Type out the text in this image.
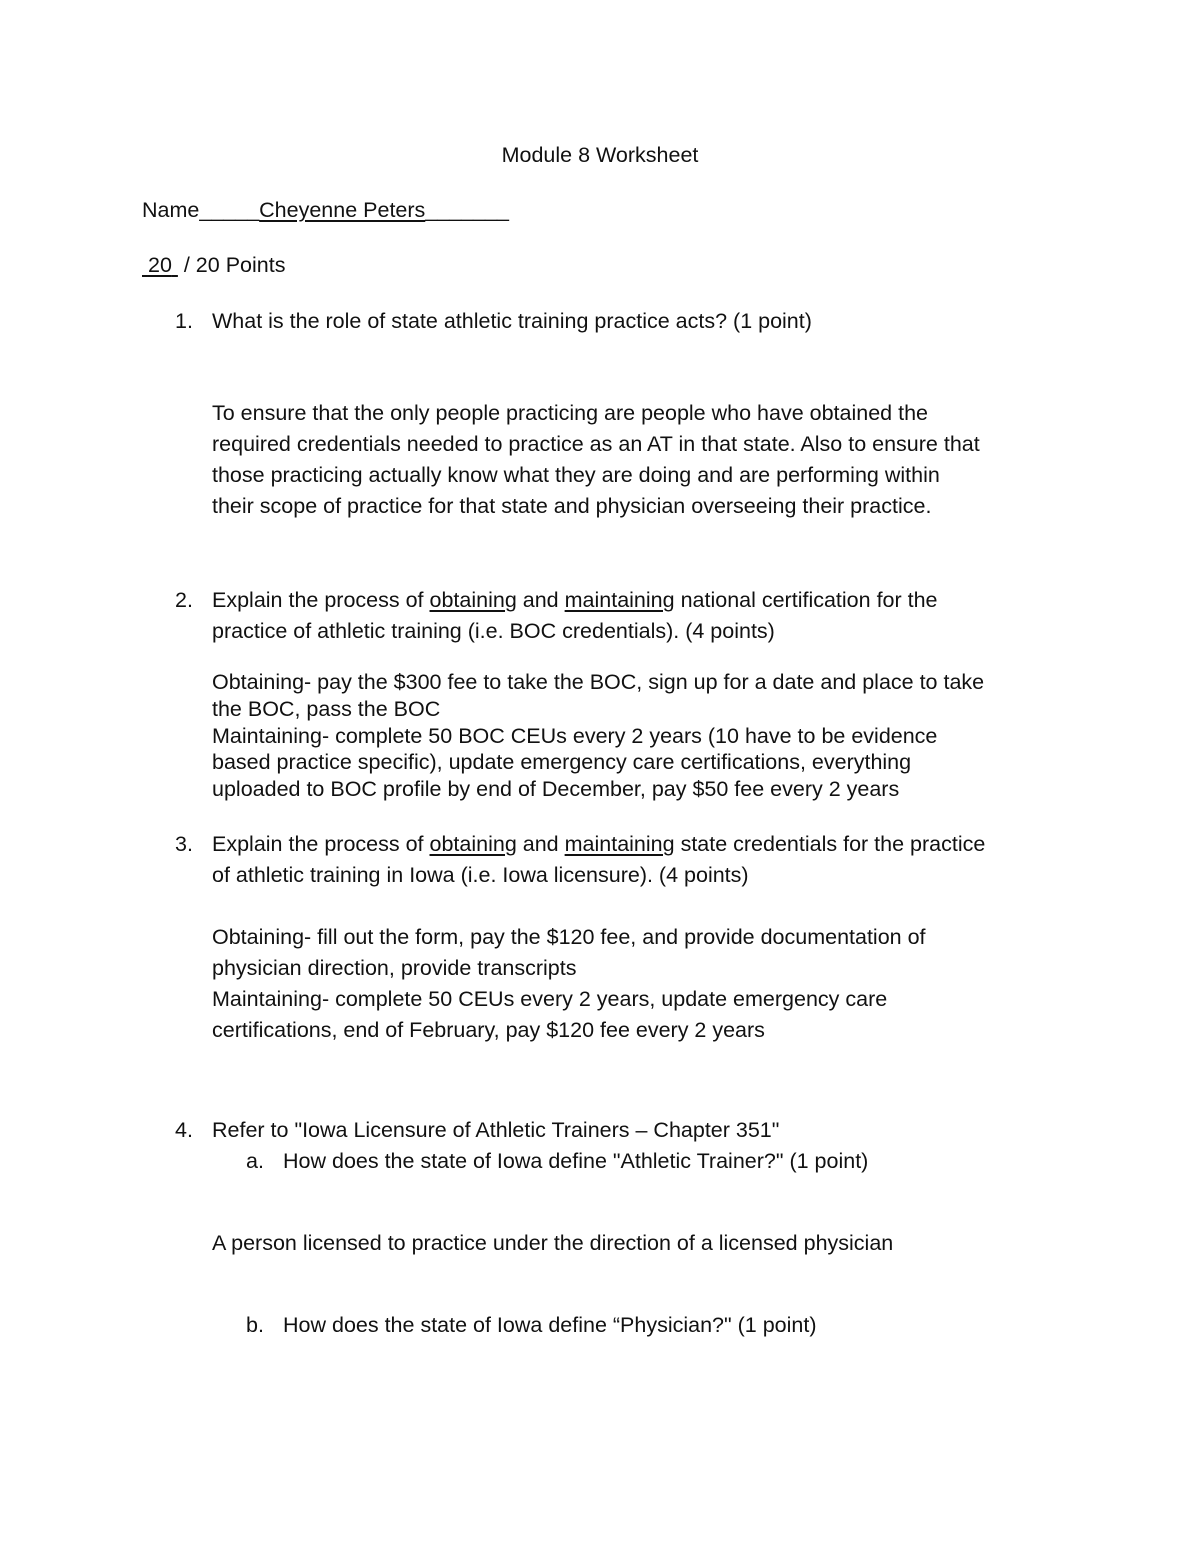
Module 8 Worksheet
Name_____Cheyenne Peters_______
20  / 20 Points
1. What is the role of state athletic training practice acts? (1 point)
To ensure that the only people practicing are people who have obtained the
required credentials needed to practice as an AT in that state. Also to ensure that
those practicing actually know what they are doing and are performing within
their scope of practice for that state and physician overseeing their practice.
2. Explain the process of obtaining and maintaining national certification for the
practice of athletic training (i.e. BOC credentials). (4 points)
Obtaining- pay the $300 fee to take the BOC, sign up for a date and place to take
the BOC, pass the BOC
Maintaining- complete 50 BOC CEUs every 2 years (10 have to be evidence
based practice specific), update emergency care certifications, everything
uploaded to BOC profile by end of December, pay $50 fee every 2 years
3. Explain the process of obtaining and maintaining state credentials for the practice
of athletic training in Iowa (i.e. Iowa licensure). (4 points)
Obtaining- fill out the form, pay the $120 fee, and provide documentation of
physician direction, provide transcripts
Maintaining- complete 50 CEUs every 2 years, update emergency care
certifications, end of February, pay $120 fee every 2 years
4. Refer to "Iowa Licensure of Athletic Trainers – Chapter 351"
a. How does the state of Iowa define "Athletic Trainer?" (1 point)
A person licensed to practice under the direction of a licensed physician
b. How does the state of Iowa define “Physician?" (1 point)
